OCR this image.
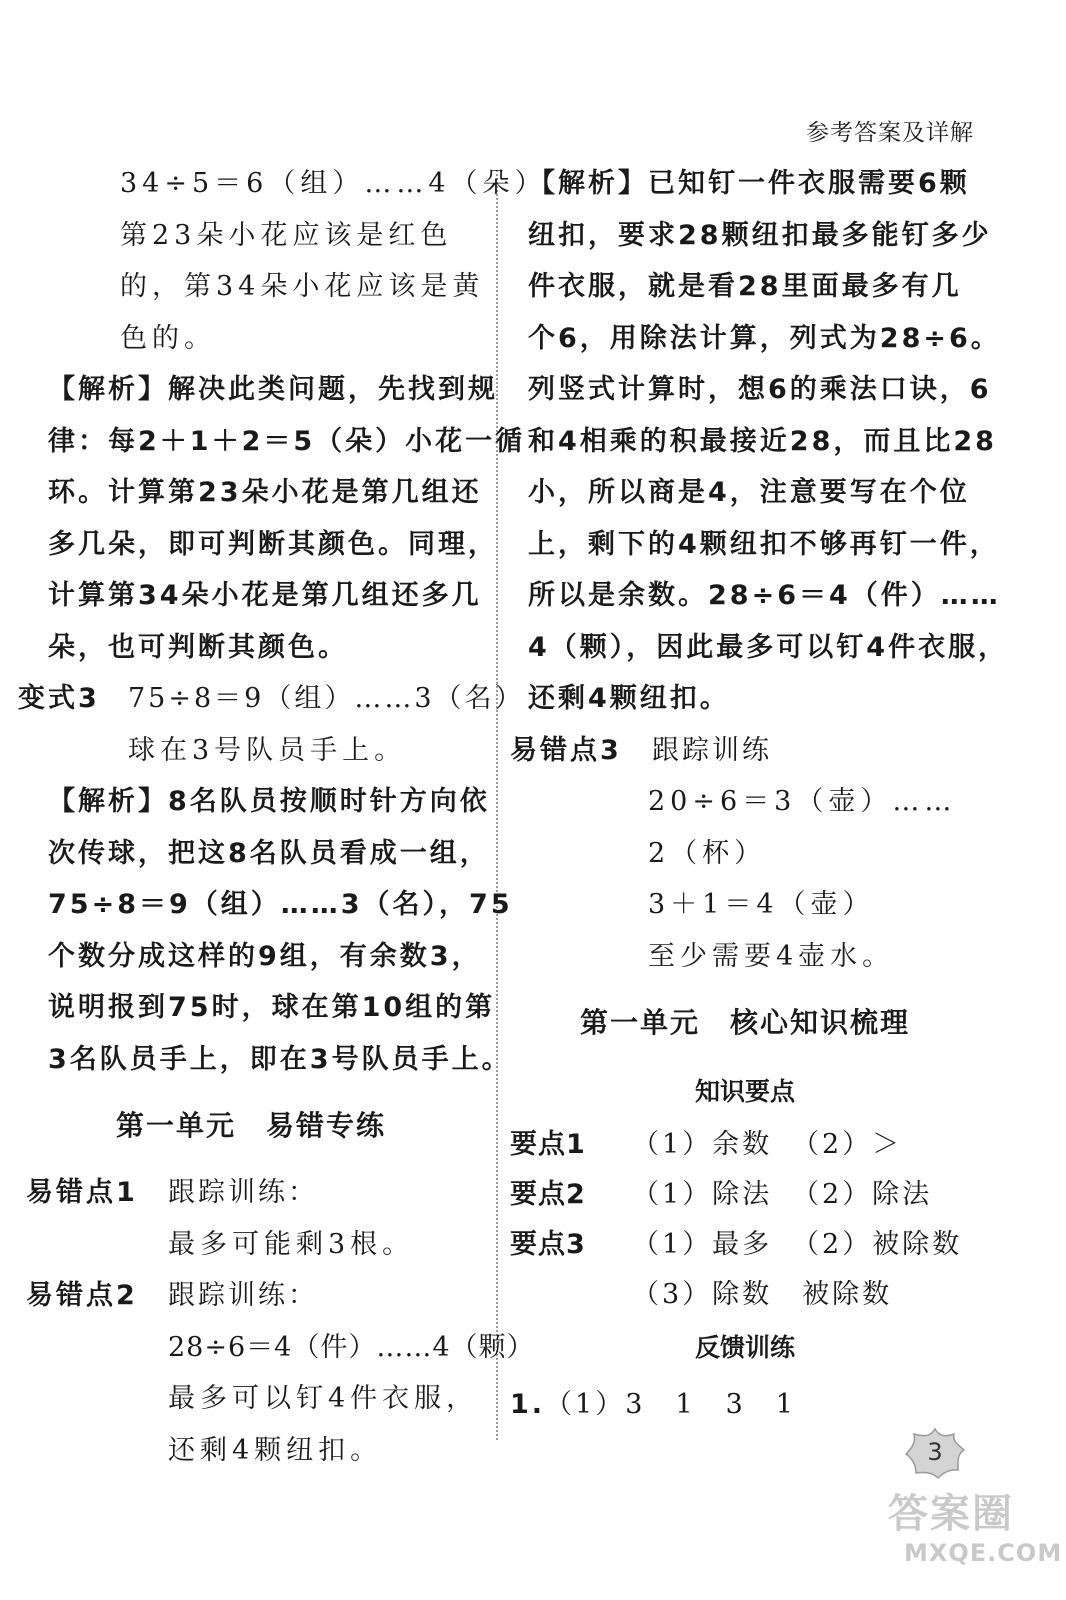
参考答案及详解
34÷5＝6（组）……4（朵）
第23朵小花应该是红色
的，第34朵小花应该是黄
色的。
【解析】解决此类问题，先找到规
律：每2＋1＋2＝5（朵）小花一循
环。计算第23朵小花是第几组还
多几朵，即可判断其颜色。同理，
计算第34朵小花是第几组还多几
朵，也可判断其颜色。
变式3 75÷8＝9（组）……3（名）
球在3号队员手上。
【解析】8名队员按顺时针方向依
次传球，把这8名队员看成一组，
75÷8＝9（组）……3（名），75
个数分成这样的9组，有余数3，
说明报到75时，球在第10组的第
3名队员手上，即在3号队员手上。
第一单元　易错专练
易错点1 跟踪训练：
最多可能剩3根。
易错点2 跟踪训练：
28÷6＝4（件）……4（颗）
最多可以钉4件衣服，
还剩4颗纽扣。
【解析】已知钉一件衣服需要6颗
纽扣，要求28颗纽扣最多能钉多少
件衣服，就是看28里面最多有几
个6，用除法计算，列式为28÷6。
列竖式计算时，想6的乘法口诀，6
和4相乘的积最接近28，而且比28
小，所以商是4，注意要写在个位
上，剩下的4颗纽扣不够再钉一件，
所以是余数。28÷6＝4（件）……
4（颗），因此最多可以钉4件衣服，
还剩4颗纽扣。
易错点3 跟踪训练
20÷6＝3（壶）……
2（杯）
3＋1＝4（壶）
至少需要4壶水。
第一单元　核心知识梳理
知识要点
要点1	（1）余数 （2）＞
要点2	（1）除法 （2）除法
要点3	（1）最多 （2）被除数
（3）除数　被除数
反馈训练
1. （1）3　1　3　1
3
答案圈
MXQE.COM
